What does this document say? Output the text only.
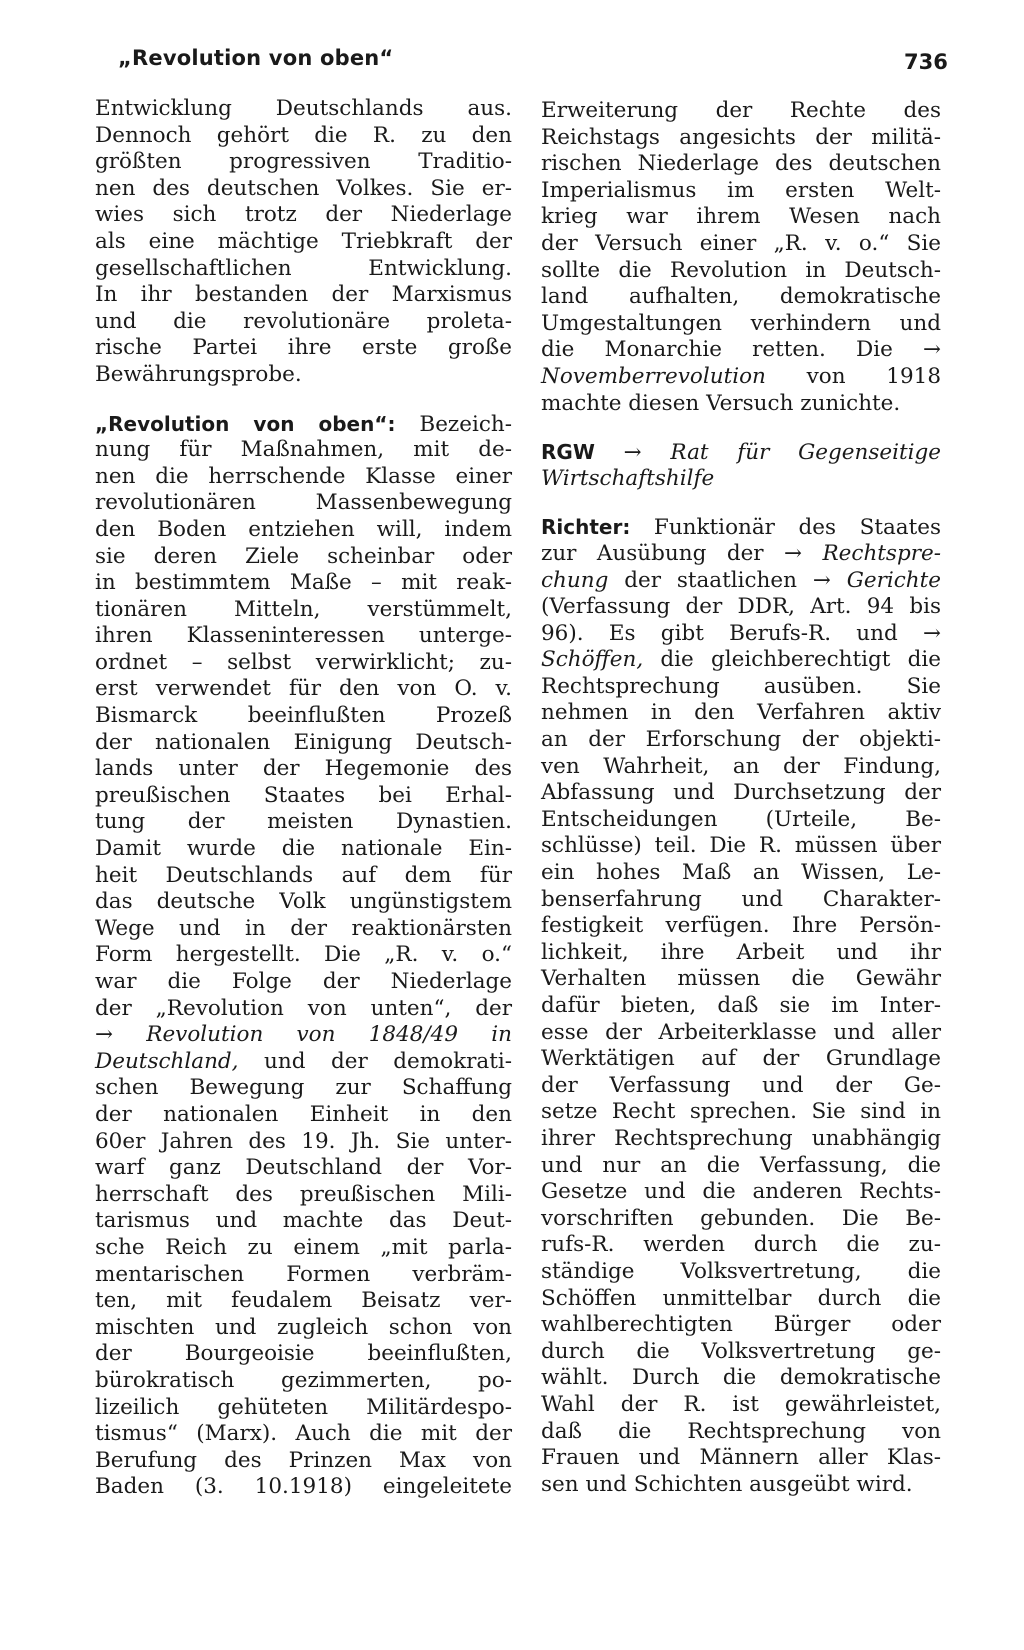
„Revolution von oben“	736
Entwicklung Deutschlands aus.
Dennoch gehört die R. zu den
größten progressiven Traditio-
nen des deutschen Volkes. Sie er-
wies sich trotz der Niederlage
als eine mächtige Triebkraft der
gesellschaftlichen Entwicklung.
In ihr bestanden der Marxismus
und die revolutionäre proleta-
rische Partei ihre erste große
Bewährungsprobe.
„Revolution von oben“: Bezeich-
nung für Maßnahmen, mit de-
nen die herrschende Klasse einer
revolutionären Massenbewegung
den Boden entziehen will, indem
sie deren Ziele scheinbar oder
in bestimmtem Maße – mit reak-
tionären Mitteln, verstümmelt,
ihren Klasseninteressen unterge-
ordnet – selbst verwirklicht; zu-
erst verwendet für den von O. v.
Bismarck beeinflußten Prozeß
der nationalen Einigung Deutsch-
lands unter der Hegemonie des
preußischen Staates bei Erhal-
tung der meisten Dynastien.
Damit wurde die nationale Ein-
heit Deutschlands auf dem für
das deutsche Volk ungünstigstem
Wege und in der reaktionärsten
Form hergestellt. Die „R. v. o.“
war die Folge der Niederlage
der „Revolution von unten“, der
→ Revolution von 1848/49 in
Deutschland, und der demokrati-
schen Bewegung zur Schaffung
der nationalen Einheit in den
60er Jahren des 19. Jh. Sie unter-
warf ganz Deutschland der Vor-
herrschaft des preußischen Mili-
tarismus und machte das Deut-
sche Reich zu einem „mit parla-
mentarischen Formen verbräm-
ten, mit feudalem Beisatz ver-
mischten und zugleich schon von
der Bourgeoisie beeinflußten,
bürokratisch gezimmerten, po-
lizeilich gehüteten Militärdespo-
tismus“ (Marx). Auch die mit der
Berufung des Prinzen Max von
Baden (3. 10.1918) eingeleitete
Erweiterung der Rechte des
Reichstags angesichts der militä-
rischen Niederlage des deutschen
Imperialismus im ersten Welt-
krieg war ihrem Wesen nach
der Versuch einer „R. v. o.“ Sie
sollte die Revolution in Deutsch-
land aufhalten, demokratische
Umgestaltungen verhindern und
die Monarchie retten. Die →
Novemberrevolution von 1918
machte diesen Versuch zunichte.
RGW → Rat für Gegenseitige
Wirtschaftshilfe
Richter: Funktionär des Staates
zur Ausübung der → Rechtspre-
chung der staatlichen → Gerichte
(Verfassung der DDR, Art. 94 bis
96). Es gibt Berufs-R. und →
Schöffen, die gleichberechtigt die
Rechtsprechung ausüben. Sie
nehmen in den Verfahren aktiv
an der Erforschung der objekti-
ven Wahrheit, an der Findung,
Abfassung und Durchsetzung der
Entscheidungen (Urteile, Be-
schlüsse) teil. Die R. müssen über
ein hohes Maß an Wissen, Le-
benserfahrung und Charakter-
festigkeit verfügen. Ihre Persön-
lichkeit, ihre Arbeit und ihr
Verhalten müssen die Gewähr
dafür bieten, daß sie im Inter-
esse der Arbeiterklasse und aller
Werktätigen auf der Grundlage
der Verfassung und der Ge-
setze Recht sprechen. Sie sind in
ihrer Rechtsprechung unabhängig
und nur an die Verfassung, die
Gesetze und die anderen Rechts-
vorschriften gebunden. Die Be-
rufs-R. werden durch die zu-
ständige Volksvertretung, die
Schöffen unmittelbar durch die
wahlberechtigten Bürger oder
durch die Volksvertretung ge-
wählt. Durch die demokratische
Wahl der R. ist gewährleistet,
daß die Rechtsprechung von
Frauen und Männern aller Klas-
sen und Schichten ausgeübt wird.
